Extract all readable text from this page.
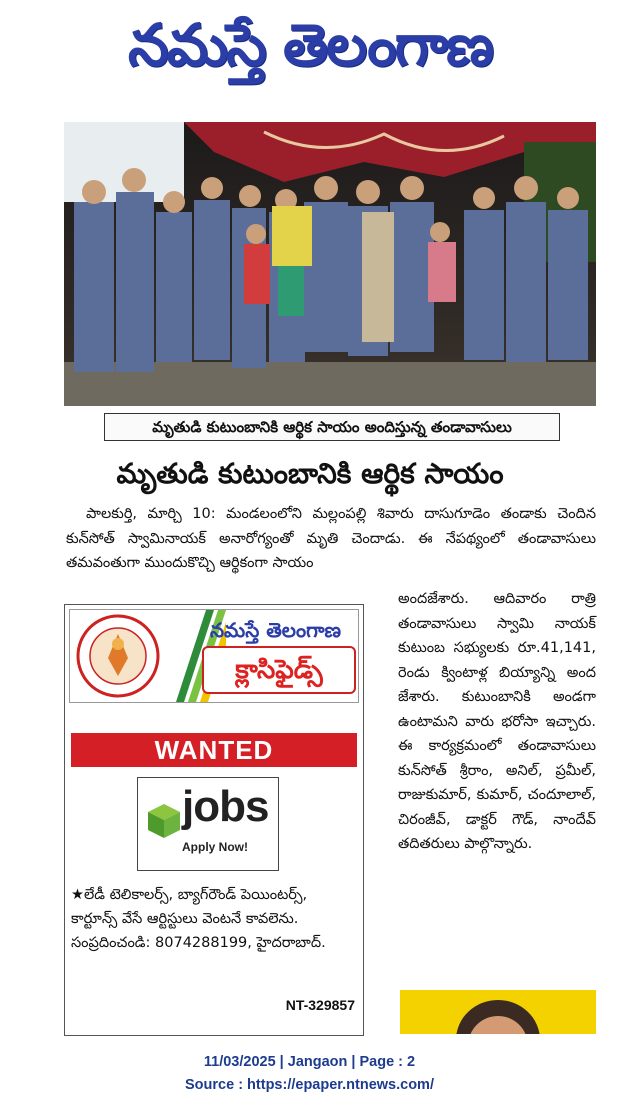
నమస్తే తెలంగాణ
మృతుడి కుటుంబానికి ఆర్థిక సాయం అందిస్తున్న తండావాసులు
మృతుడి కుటుంబానికి ఆర్థిక సాయం
పాలకుర్తి, మార్చి 10: మండలంలోని మల్లంపల్లి శివారు దాసుగూడెం తండాకు చెందిన కున్‌సోత్ స్వామినాయక్ అనారోగ్యంతో మృతి చెందాడు. ఈ నేపథ్యంలో తండావాసులు తమవంతుగా ముందుకొచ్చి ఆర్థికంగా సాయం
నమస్తే తెలంగాణ
క్లాసిఫైడ్స్
WANTED
jobs
Apply Now!
★లేడీ టెలికాలర్స్, బ్యాగ్‌రౌండ్ పెయింటర్స్, కార్టూన్స్ వేసే ఆర్టిస్టులు వెంటనే కావలెను. సంప్రదించండి: 8074288199, హైదరాబాద్.
NT-329857
అందజేశారు. ఆదివారం రాత్రి తండావాసులు స్వామి నాయక్ కుటుంబ సభ్యులకు రూ.41,141, రెండు క్వింటాళ్ల బియ్యాన్ని అంద జేశారు. కుటుంబానికి అండగా ఉంటామని వారు భరోసా ఇచ్చారు. ఈ కార్యక్రమంలో తండావాసులు కున్‌సోత్ శ్రీరాం, అనిల్, ప్రమీల్, రాజుకుమార్, కుమార్, చందూలాల్, చిరంజీవ్, డాక్టర్ గౌడ్, నాందేవ్ తదితరులు పాల్గొన్నారు.
11/03/2025 | Jangaon | Page : 2
Source : https://epaper.ntnews.com/
